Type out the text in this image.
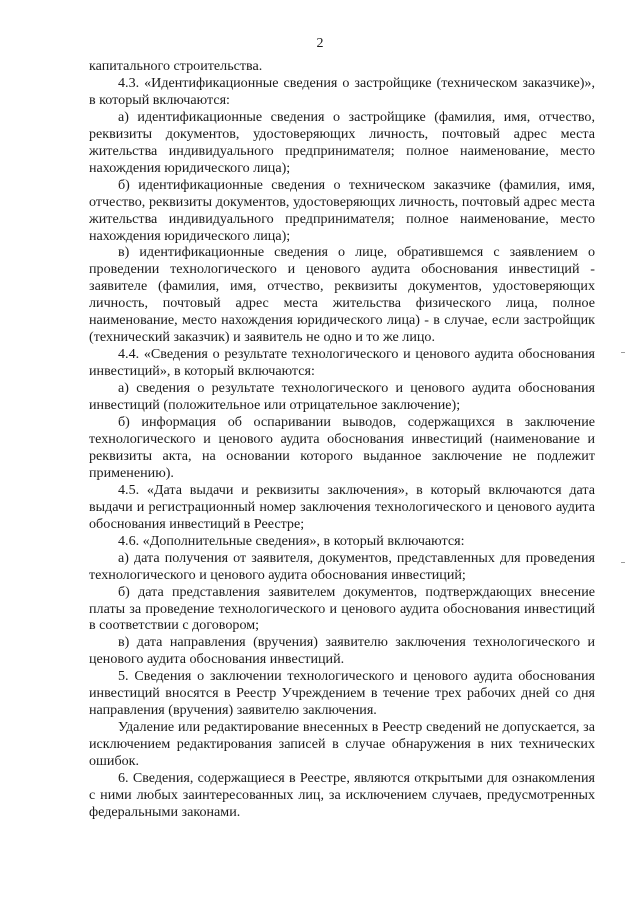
2

капитального строительства.

4.3. «Идентификационные сведения о застройщике (техническом заказчике)», в который включаются:

а) идентификационные сведения о застройщике (фамилия, имя, отчество, реквизиты документов, удостоверяющих личность, почтовый адрес места жительства индивидуального предпринимателя; полное наименование, место нахождения юридического лица);

б) идентификационные сведения о техническом заказчике (фамилия, имя, отчество, реквизиты документов, удостоверяющих личность, почтовый адрес места жительства индивидуального предпринимателя; полное наименование, место нахождения юридического лица);

в) идентификационные сведения о лице, обратившемся с заявлением о проведении технологического и ценового аудита обоснования инвестиций - заявителе (фамилия, имя, отчество, реквизиты документов, удостоверяющих личность, почтовый адрес места жительства физического лица, полное наименование, место нахождения юридического лица) - в случае, если застройщик (технический заказчик) и заявитель не одно и то же лицо.

4.4. «Сведения о результате технологического и ценового аудита обоснования инвестиций», в который включаются:

а) сведения о результате технологического и ценового аудита обоснования инвестиций (положительное или отрицательное заключение);

б) информация об оспаривании выводов, содержащихся в заключение технологического и ценового аудита обоснования инвестиций (наименование и реквизиты акта, на основании которого выданное заключение не подлежит применению).

4.5. «Дата выдачи и реквизиты заключения», в который включаются дата выдачи и регистрационный номер заключения технологического и ценового аудита обоснования инвестиций в Реестре;

4.6. «Дополнительные сведения», в который включаются:

а) дата получения от заявителя, документов, представленных для проведения технологического и ценового аудита обоснования инвестиций;

б) дата представления заявителем документов, подтверждающих внесение платы за проведение технологического и ценового аудита обоснования инвестиций в соответствии с договором;

в) дата направления (вручения) заявителю заключения технологического и ценового аудита обоснования инвестиций.

5. Сведения о заключении технологического и ценового аудита обоснования инвестиций вносятся в Реестр Учреждением в течение трех рабочих дней со дня направления (вручения) заявителю заключения.

Удаление или редактирование внесенных в Реестр сведений не допускается, за исключением редактирования записей в случае обнаружения в них технических ошибок.

6. Сведения, содержащиеся в Реестре, являются открытыми для ознакомления с ними любых заинтересованных лиц, за исключением случаев, предусмотренных федеральными законами.
